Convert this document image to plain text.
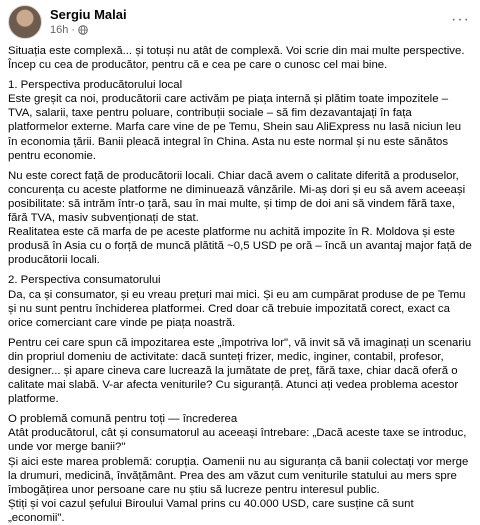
Sergiu Malai
16h ·
···

Situația este complexă... și totuși nu atât de complexă. Voi scrie din mai multe perspective. Încep cu cea de producător, pentru că e cea pe care o cunosc cel mai bine.

1. Perspectiva producătorului local

Este greșit ca noi, producătorii care activăm pe piața internă și plătim toate impozitele – TVA, salarii, taxe pentru poluare, contribuții sociale – să fim dezavantajați în fața platformelor externe. Marfa care vine de pe Temu, Shein sau AliExpress nu lasă niciun leu în economia țării. Banii pleacă integral în China. Asta nu este normal și nu este sănătos pentru economie.

Nu este corect față de producătorii locali. Chiar dacă avem o calitate diferită a produselor, concurența cu aceste platforme ne diminuează vânzările. Mi-aș dori și eu să avem aceeași posibilitate: să intrăm într-o țară, sau în mai multe, și timp de doi ani să vindem fără taxe, fără TVA, masiv subvenționați de stat.

Realitatea este că marfa de pe aceste platforme nu achită impozite în R. Moldova și este produsă în Asia cu o forță de muncă plătită ~0,5 USD pe oră – încă un avantaj major față de producătorii locali.

2. Perspectiva consumatorului

Da, ca și consumator, și eu vreau prețuri mai mici. Și eu am cumpărat produse de pe Temu și nu sunt pentru închiderea platformei. Cred doar că trebuie impozitată corect, exact ca orice comerciant care vinde pe piața noastră.

Pentru cei care spun că impozitarea este „împotriva lor", vă invit să vă imaginați un scenariu din propriul domeniu de activitate: dacă sunteți frizer, medic, inginer, contabil, profesor, designer... și apare cineva care lucrează la jumătate de preț, fără taxe, chiar dacă oferă o calitate mai slabă. V-ar afecta veniturile? Cu siguranță. Atunci ați vedea problema acestor platforme.

O problemă comună pentru toți — încrederea

Atât producătorul, cât și consumatorul au aceeași întrebare: „Dacă aceste taxe se introduc, unde vor merge banii?"

Și aici este marea problemă: corupția. Oamenii nu au siguranța că banii colectați vor merge la drumuri, medicină, învățământ. Prea des am văzut cum veniturile statului au mers spre îmbogățirea unor persoane care nu știu să lucreze pentru interesul public.

Știți și voi cazul șefului Biroului Vamal prins cu 40.000 USD, care susține că sunt „economii".
